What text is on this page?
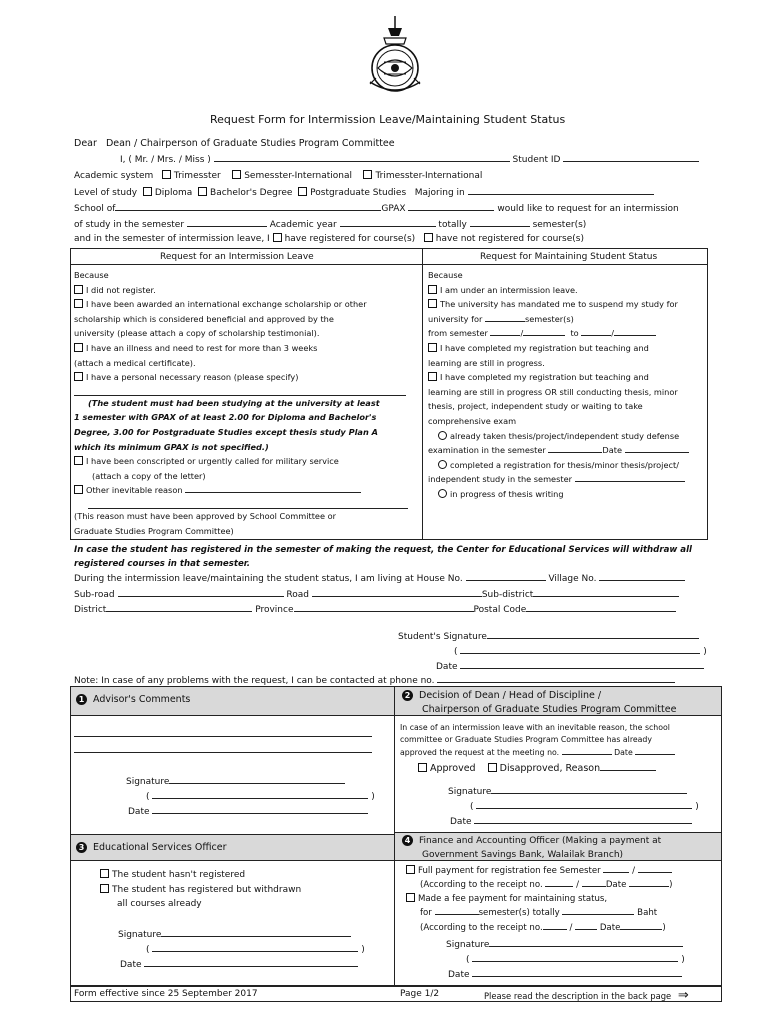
Request Form for Intermission Leave/Maintaining Student Status
Dear Dean / Chairperson of Graduate Studies Program Committee
I, ( Mr. / Mrs. / Miss )	Student ID
Academic system Trimesster	Semesster-International	Trimesster-International
Level of study Diploma Bachelor's Degree Postgraduate Studies Majoring in
School of	GPAX	would like to request for an intermission
of study in the semester	Academic year	totally	semester(s)
and in the semester of intermission leave, I have registered for course(s) have not registered for course(s)
Request for an Intermission Leave	Request for Maintaining Student Status
Because
I did not register.
I have been awarded an international exchange scholarship or other
scholarship which is considered beneficial and approved by the
university (please attach a copy of scholarship testimonial).
I have an illness and need to rest for more than 3 weeks
(attach a medical certificate).
I have a personal necessary reason (please specify)
(The student must had been studying at the university at least
1 semester with GPAX of at least 2.00 for Diploma and Bachelor's
Degree, 3.00 for Postgraduate Studies except thesis study Plan A
which its minimum GPAX is not specified.)
I have been conscripted or urgently called for military service
(attach a copy of the letter)
Other inevitable reason
(This reason must have been approved by School Committee or
Graduate Studies Program Committee)
Because
I am under an intermission leave.
The university has mandated me to suspend my study for
university for	semester(s)
from semester	/	to	/
I have completed my registration but teaching and
learning are still in progress.
I have completed my registration but teaching and
learning are still in progress OR still conducting thesis, minor
thesis, project, independent study or waiting to take
comprehensive exam
already taken thesis/project/independent study defense
examination in the semester	Date
completed a registration for thesis/minor thesis/project/
independent study in the semester
in progress of thesis writing
In case the student has registered in the semester of making the request, the Center for Educational Services will withdraw all
registered courses in that semester.
During the intermission leave/maintaining the student status, I am living at House No.	Village No.
Sub-road	Road	Sub-district
District	Province	Postal Code
Student's Signature
(	)
Date
Note: In case of any problems with the request, I can be contacted at phone no.
1 Advisor's Comments
Signature
(	)
Date
2 Decision of Dean / Head of Discipline /
Chairperson of Graduate Studies Program Committee
In case of an intermission leave with an inevitable reason, the school
committee or Graduate Studies Program Committee has already
approved the request at the meeting no.	Date
Approved	Disapproved, Reason
Signature
(	)
Date
3 Educational Services Officer
The student hasn't registered
The student has registered but withdrawn
all courses already
Signature
(	)
Date
4 Finance and Accounting Officer (Making a payment at
Government Savings Bank, Walailak Branch)
Full payment for registration fee Semester	/
(According to the receipt no.	/	Date	)
Made a fee payment for maintaining status,
for	semester(s) totally	Baht
(According to the receipt no.	/	Date	)
Signature
(	)
Date
Form effective since 25 September 2017	Page 1/2	Please read the description in the back page ⇒
